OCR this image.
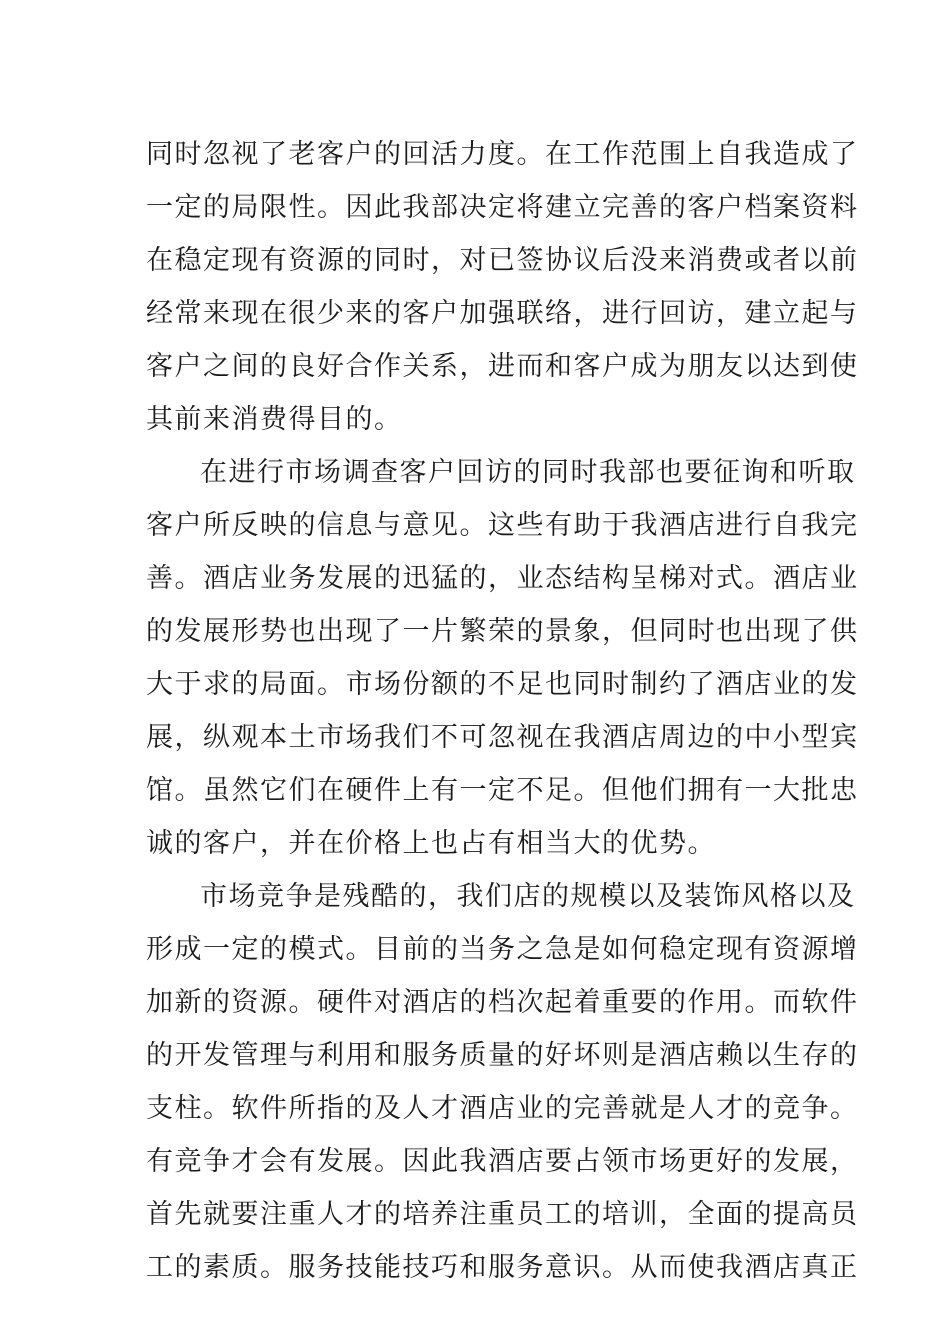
同时忽视了老客户的回活力度。在工作范围上自我造成了
一定的局限性。因此我部决定将建立完善的客户档案资料
在稳定现有资源的同时，对已签协议后没来消费或者以前
经常来现在很少来的客户加强联络，进行回访，建立起与
客户之间的良好合作关系，进而和客户成为朋友以达到使
其前来消费得目的。
在进行市场调查客户回访的同时我部也要征询和听取
客户所反映的信息与意见。这些有助于我酒店进行自我完
善。酒店业务发展的迅猛的，业态结构呈梯对式。酒店业
的发展形势也出现了一片繁荣的景象，但同时也出现了供
大于求的局面。市场份额的不足也同时制约了酒店业的发
展，纵观本土市场我们不可忽视在我酒店周边的中小型宾
馆。虽然它们在硬件上有一定不足。但他们拥有一大批忠
诚的客户，并在价格上也占有相当大的优势。
市场竞争是残酷的，我们店的规模以及装饰风格以及
形成一定的模式。目前的当务之急是如何稳定现有资源增
加新的资源。硬件对酒店的档次起着重要的作用。而软件
的开发管理与利用和服务质量的好坏则是酒店赖以生存的
支柱。软件所指的及人才酒店业的完善就是人才的竞争。
有竞争才会有发展。因此我酒店要占领市场更好的发展，
首先就要注重人才的培养注重员工的培训，全面的提高员
工的素质。服务技能技巧和服务意识。从而使我酒店真正
